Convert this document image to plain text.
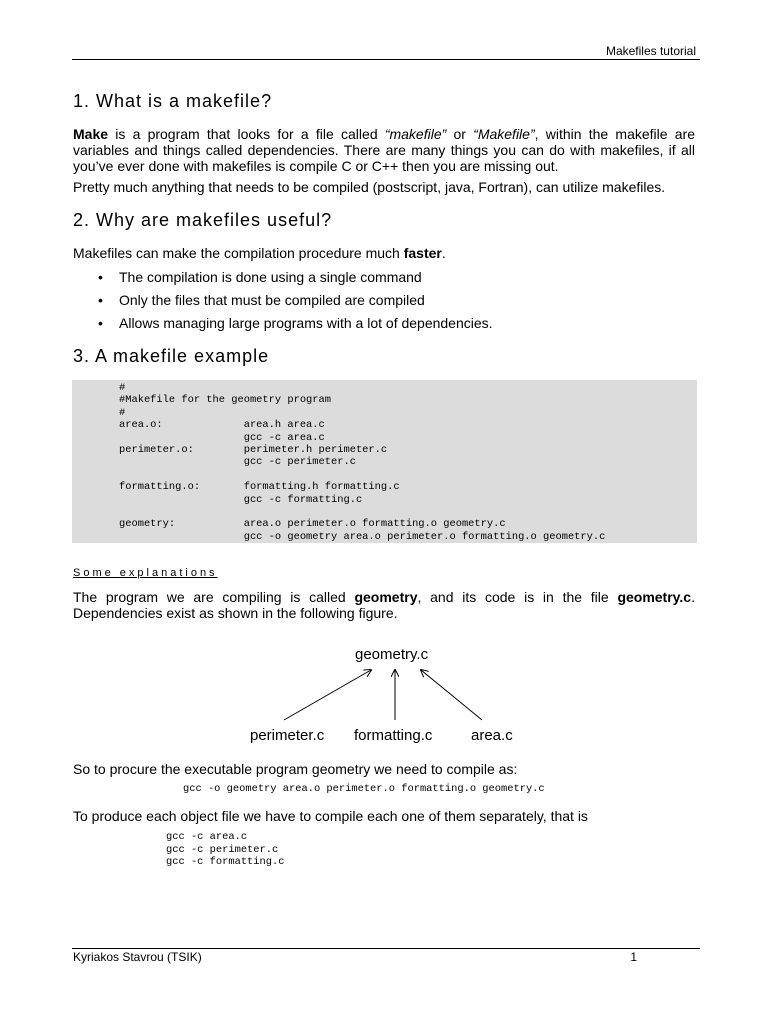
Makefiles tutorial
1. What is a makefile?

Make is a program that looks for a file called “makefile” or “Makefile”, within the makefile are variables and things called dependencies. There are many things you can do with makefiles, if all you’ve ever done with makefiles is compile C or C++ then you are missing out.

Pretty much anything that needs to be compiled (postscript, java, Fortran), can utilize makefiles.

2. Why are makefiles useful?

Makefiles can make the compilation procedure much faster.

• The compilation is done using a single command
• Only the files that must be compiled are compiled
• Allows managing large programs with a lot of dependencies.
3. A makefile example
#
#Makefile for the geometry program
#
area.o:             area.h area.c
gcc -c area.c
perimeter.o:        perimeter.h perimeter.c
gcc -c perimeter.c

formatting.o:       formatting.h formatting.c
gcc -c formatting.c

geometry:           area.o perimeter.o formatting.o geometry.c
gcc -o geometry area.o perimeter.o formatting.o geometry.c
Some explanations

The program we are compiling is called geometry, and its code is in the file geometry.c. Dependencies exist as shown in the following figure.

geometry.c
perimeter.c formatting.c	area.c

So to procure the executable program geometry we need to compile as:

gcc -o geometry area.o perimeter.o formatting.o geometry.c

To produce each object file we have to compile each one of them separately, that is

gcc -c area.c
gcc -c perimeter.c
gcc -c formatting.c
Kyriakos Stavrou (TSIK)	1
